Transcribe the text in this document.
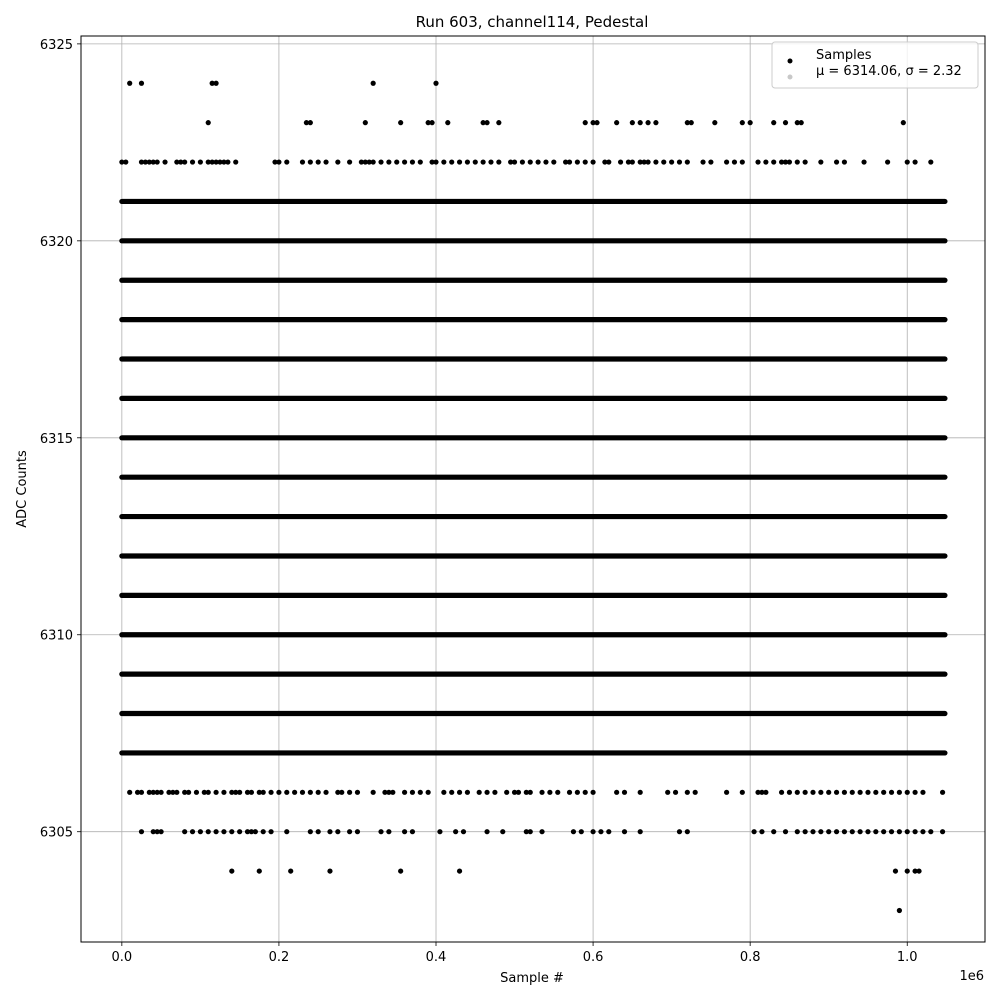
Run 603, channel114, Pedestal
0.0	0.2	0.4	0.6	0.8	1.0
6305
6310
6315
6320
6325
Sample #
ADC Counts
1e6
Samples
μ = 6314.06, σ = 2.32
